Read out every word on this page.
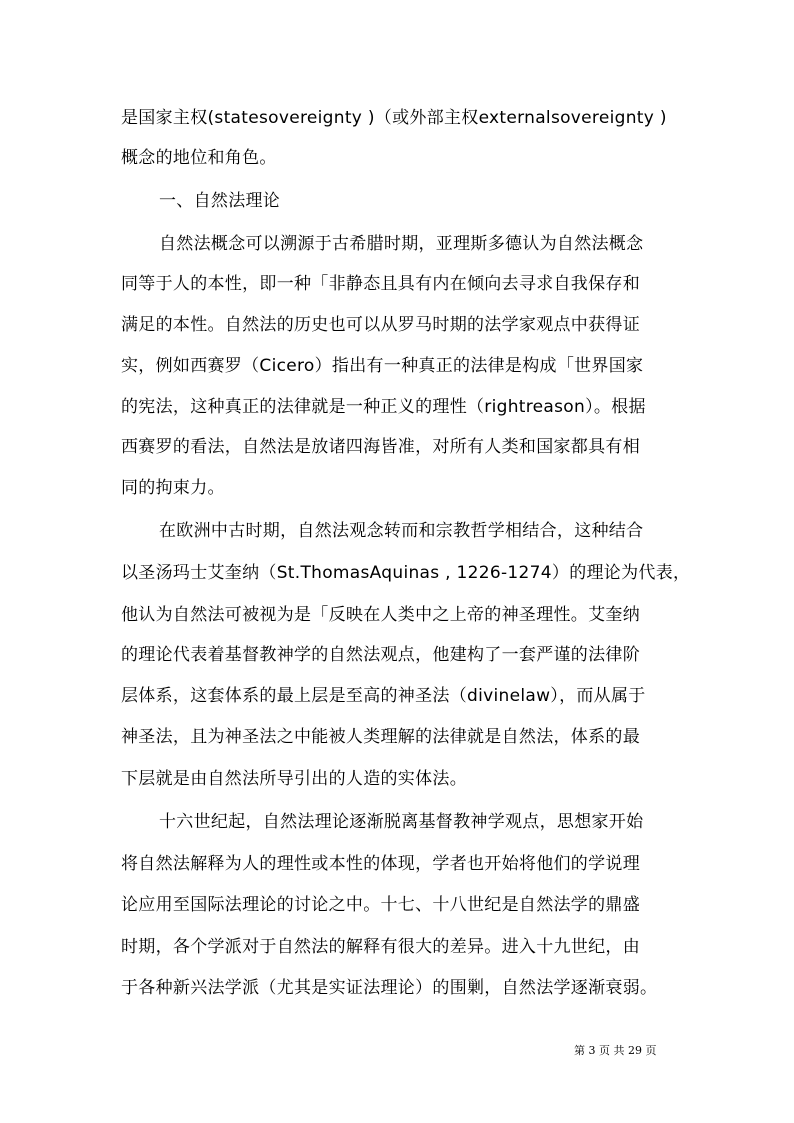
是国家主权(statesovereignty )（或外部主权externalsovereignty )
概念的地位和角色。
一、自然法理论
自然法概念可以溯源于古希腊时期，亚理斯多德认为自然法概念
同等于人的本性，即一种「非静态且具有内在倾向去寻求自我保存和
满足的本性。自然法的历史也可以从罗马时期的法学家观点中获得证
实，例如西赛罗（Cicero）指出有一种真正的法律是构成「世界国家
的宪法，这种真正的法律就是一种正义的理性（rightreason）。根据
西赛罗的看法，自然法是放诸四海皆准，对所有人类和国家都具有相
同的拘束力。
在欧洲中古时期，自然法观念转而和宗教哲学相结合，这种结合
以圣汤玛士艾奎纳（St.ThomasAquinas , 1226-1274）的理论为代表，
他认为自然法可被视为是「反映在人类中之上帝的神圣理性。艾奎纳
的理论代表着基督教神学的自然法观点，他建构了一套严谨的法律阶
层体系，这套体系的最上层是至高的神圣法（divinelaw），而从属于
神圣法，且为神圣法之中能被人类理解的法律就是自然法，体系的最
下层就是由自然法所导引出的人造的实体法。
十六世纪起，自然法理论逐渐脱离基督教神学观点，思想家开始
将自然法解释为人的理性或本性的体现，学者也开始将他们的学说理
论应用至国际法理论的讨论之中。十七、十八世纪是自然法学的鼎盛
时期，各个学派对于自然法的解释有很大的差异。进入十九世纪，由
于各种新兴法学派（尤其是实证法理论）的围剿，自然法学逐渐衰弱。
第 3 页 共 29 页
